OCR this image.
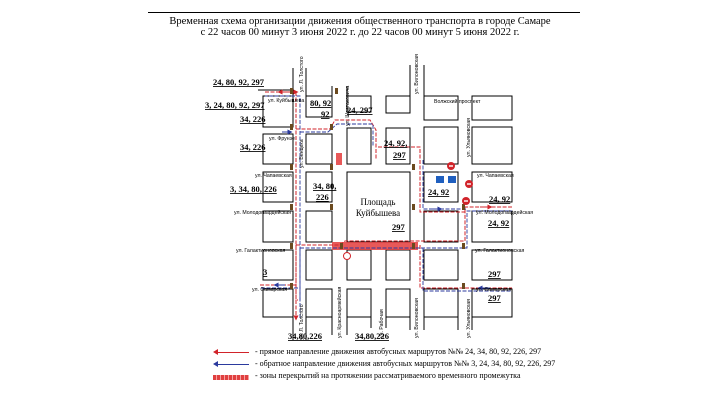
Временная схема организации движения общественного транспорта в городе Самаре
с 22 часов 00 минут 3 июня 2022 г. до 22 часов 00 минут 5 июня 2022 г.
ул. Куйбышева
ул. Фрунзе
ул. Чапаевская
ул. Молодогвардейская	ул. Молодогвардейская
ул. Галактионовская	ул. Галактионовская
ул. Самарская	ул. Самарская
ул. Чапаевская
Волжский проспект
ул. Л. Толстого
ул. Л. Толстого
ул. Вилоновская
ул. Вилоновская
ул. Шостаковича
ул. Ульяновская
ул. Ульяновская
ул. Венцека
ул. Красноармейская	ул. Рабочая
Площадь
Куйбышева
24, 80, 92, 297
3, 24, 80, 92, 297	80, 92
92 24, 297
34, 226
34, 226	24, 92,
297
3, 34, 80, 226	34, 80,
226	24, 92
24, 92
24, 92
297
3	297
297
34,80,226	34,80,226
- прямое направление движения автобусных маршрутов №№ 24, 34, 80, 92, 226, 297
- обратное направление движения автобусных маршрутов №№ 3, 24, 34, 80, 92, 226, 297
- зоны перекрытий на протяжении рассматриваемого временного промежутка
